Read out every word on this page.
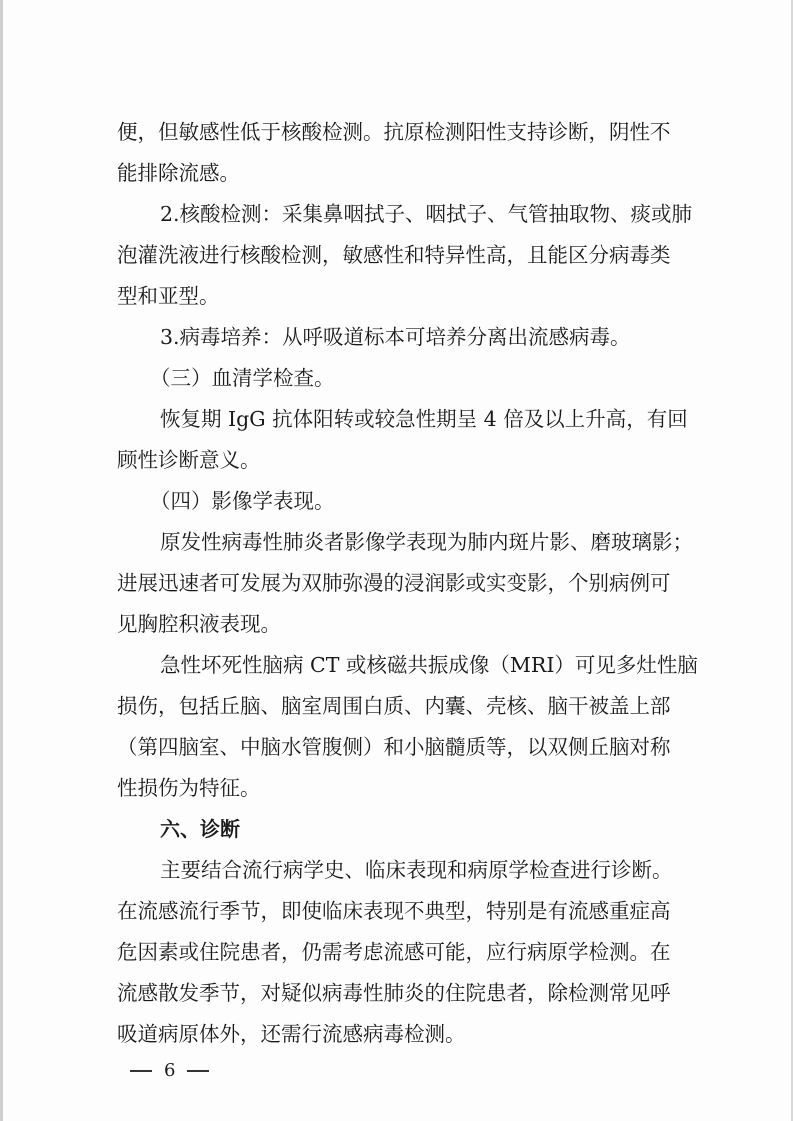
便，但敏感性低于核酸检测。抗原检测阳性支持诊断，阴性不
能排除流感。
2.核酸检测：采集鼻咽拭子、咽拭子、气管抽取物、痰或肺
泡灌洗液进行核酸检测，敏感性和特异性高，且能区分病毒类
型和亚型。
3.病毒培养：从呼吸道标本可培养分离出流感病毒。
（三）血清学检查。
恢复期 IgG 抗体阳转或较急性期呈 4 倍及以上升高，有回
顾性诊断意义。
（四）影像学表现。
原发性病毒性肺炎者影像学表现为肺内斑片影、磨玻璃影；
进展迅速者可发展为双肺弥漫的浸润影或实变影，个别病例可
见胸腔积液表现。
急性坏死性脑病 CT 或核磁共振成像（MRI）可见多灶性脑
损伤，包括丘脑、脑室周围白质、内囊、壳核、脑干被盖上部
（第四脑室、中脑水管腹侧）和小脑髓质等，以双侧丘脑对称
性损伤为特征。
六、诊断
主要结合流行病学史、临床表现和病原学检查进行诊断。
在流感流行季节，即使临床表现不典型，特别是有流感重症高
危因素或住院患者，仍需考虑流感可能，应行病原学检测。在
流感散发季节，对疑似病毒性肺炎的住院患者，除检测常见呼
吸道病原体外，还需行流感病毒检测。
6
